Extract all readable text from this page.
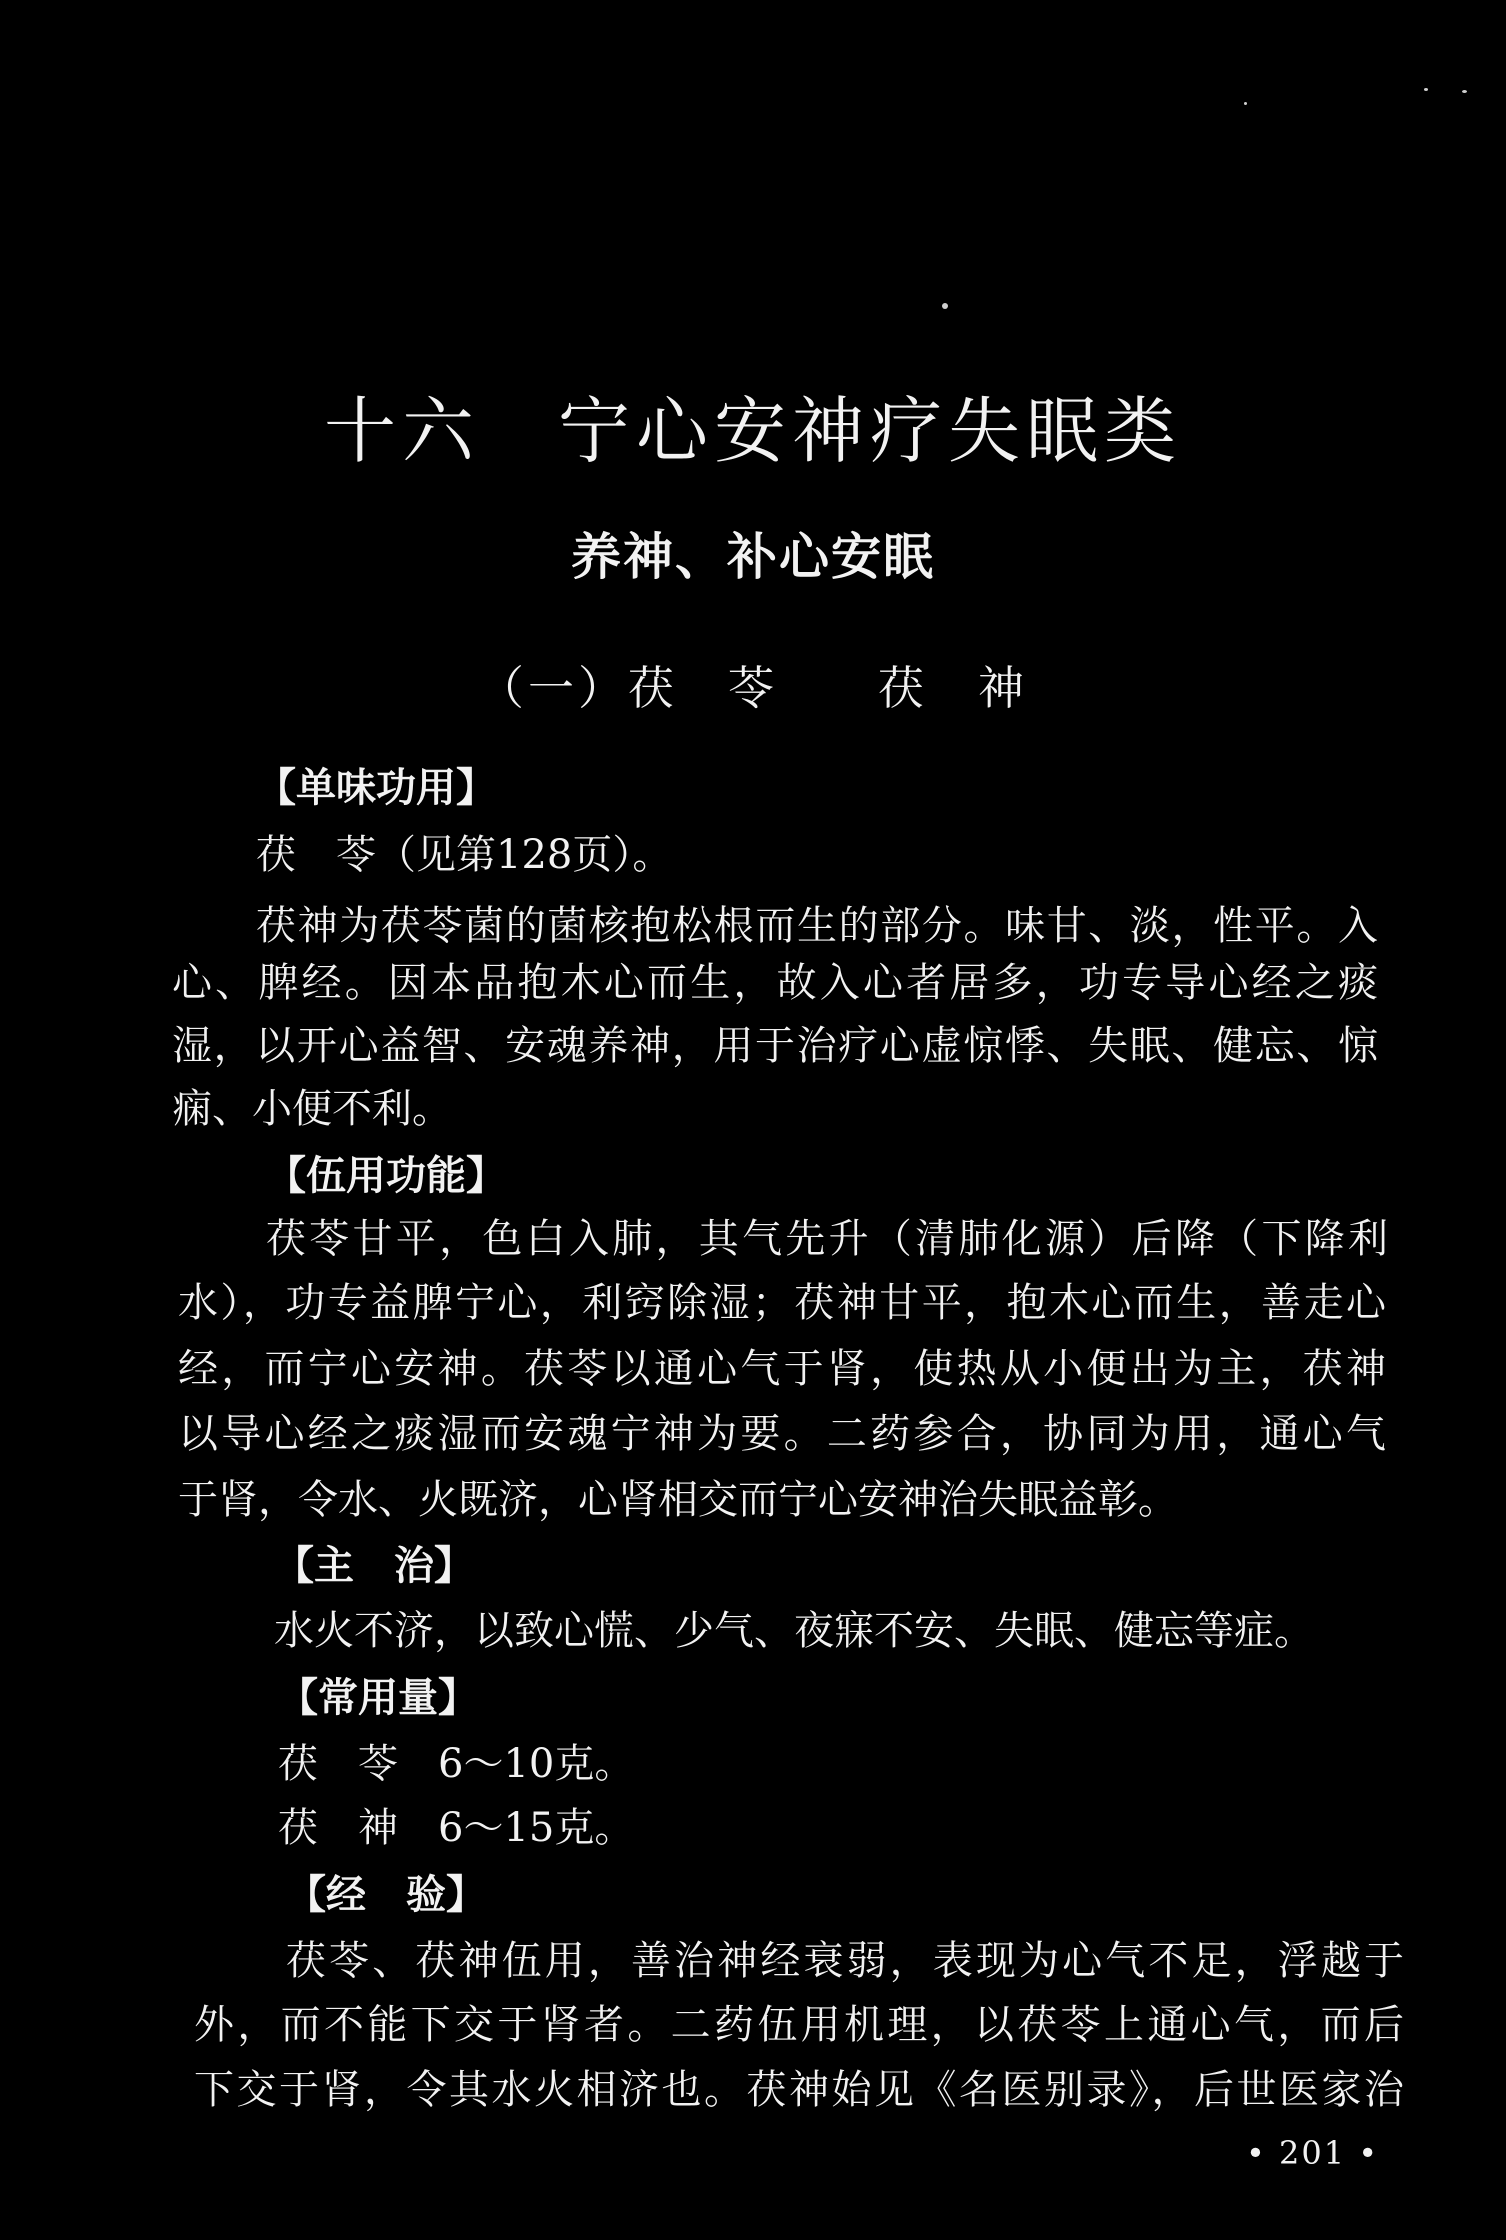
十六　宁心安神疗失眠类
养神、补心安眠
（一）茯　苓　　茯　神
【单味功用】
茯　苓（见第128页）。
茯神为茯苓菌的菌核抱松根而生的部分。味甘、淡，性平。入
心、脾经。因本品抱木心而生，故入心者居多，功专导心经之痰
湿，以开心益智、安魂养神，用于治疗心虚惊悸、失眠、健忘、惊
痫、小便不利。
【伍用功能】
茯苓甘平，色白入肺，其气先升（清肺化源）后降（下降利
水），功专益脾宁心，利窍除湿；茯神甘平，抱木心而生，善走心
经，而宁心安神。茯苓以通心气于肾，使热从小便出为主，茯神
以导心经之痰湿而安魂宁神为要。二药参合，协同为用，通心气
于肾，令水、火既济，心肾相交而宁心安神治失眠益彰。
【主　治】
水火不济，以致心慌、少气、夜寐不安、失眠、健忘等症。
【常用量】
茯　苓　6～10克。
茯　神　6～15克。
【经　验】
茯苓、茯神伍用，善治神经衰弱，表现为心气不足，浮越于
外，而不能下交于肾者。二药伍用机理，以茯苓上通心气，而后
下交于肾，令其水火相济也。茯神始见《名医别录》，后世医家治
• 201 •
